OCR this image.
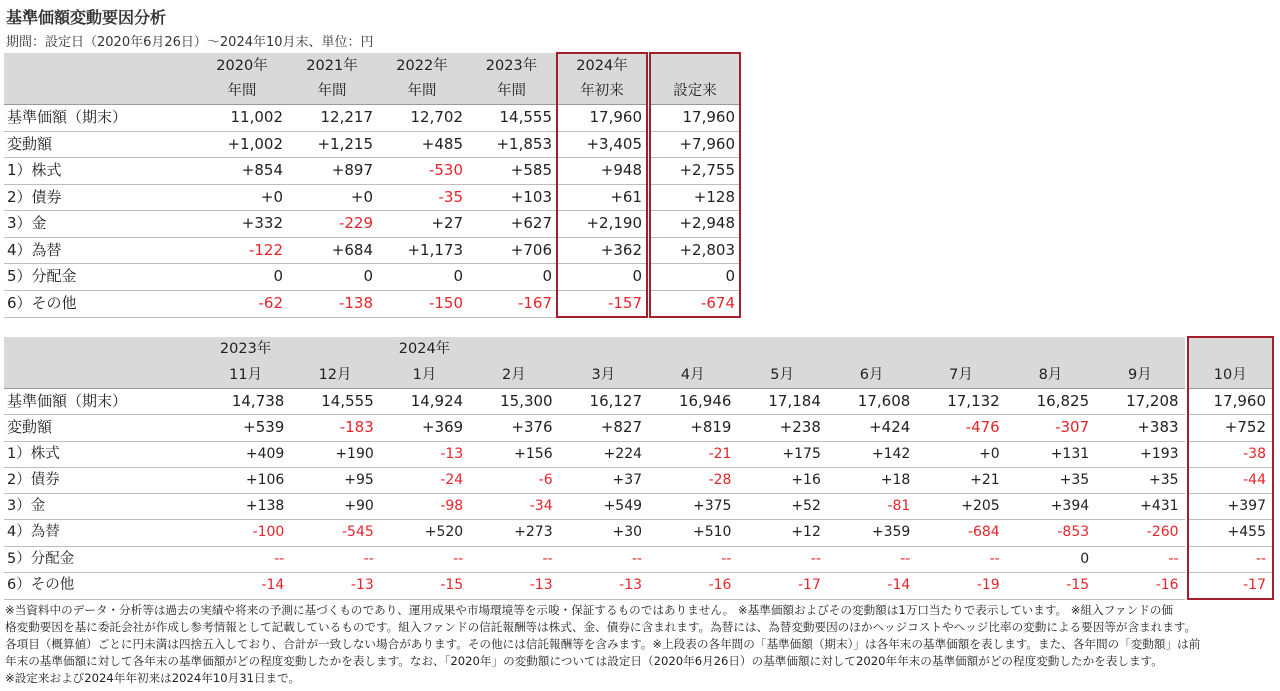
基準価額変動要因分析
期間：設定日（2020年6月26日）～2024年10月末、単位：円
	2020年	2021年	2022年	2023年	2024年		
	年間	年間	年間	年間	年初来		設定来
基準価額（期末）	11,002	12,217	12,702	14,555	17,960		17,960
変動額	+1,002	+1,215	+485	+1,853	+3,405		+7,960
1）株式	+854	+897	-530	+585	+948		+2,755
2）債券	+0	+0	-35	+103	+61		+128
3）金	+332	-229	+27	+627	+2,190		+2,948
4）為替	-122	+684	+1,173	+706	+362		+2,803
5）分配金	0	0	0	0	0		0
6）その他	-62	-138	-150	-167	-157		-674
	2023年		2024年										
	11月	12月	1月	2月	3月	4月	5月	6月	7月	8月	9月		10月
基準価額（期末）	14,738	14,555	14,924	15,300	16,127	16,946	17,184	17,608	17,132	16,825	17,208		17,960
変動額	+539	-183	+369	+376	+827	+819	+238	+424	-476	-307	+383		+752
1）株式	+409	+190	-13	+156	+224	-21	+175	+142	+0	+131	+193		-38
2）債券	+106	+95	-24	-6	+37	-28	+16	+18	+21	+35	+35		-44
3）金	+138	+90	-98	-34	+549	+375	+52	-81	+205	+394	+431		+397
4）為替	-100	-545	+520	+273	+30	+510	+12	+359	-684	-853	-260		+455
5）分配金	--	--	--	--	--	--	--	--	--	0	--		--
6）その他	-14	-13	-15	-13	-13	-16	-17	-14	-19	-15	-16		-17

※当資料中のデータ・分析等は過去の実績や将来の予測に基づくものであり、運用成果や市場環境等を示唆・保証するものではありません。 ※基準価額およびその変動額は1万口当たりで表示しています。 ※組入ファンドの価

格変動要因を基に委託会社が作成し参考情報として記載しているものです。組入ファンドの信託報酬等は株式、金、債券に含まれます。為替には、為替変動要因のほかヘッジコストやヘッジ比率の変動による要因等が含まれます。

各項目（概算値）ごとに円未満は四捨五入しており、合計が一致しない場合があります。その他には信託報酬等を含みます。※上段表の各年間の「基準価額（期末）」は各年末の基準価額を表します。また、各年間の「変動額」は前

年末の基準価額に対して各年末の基準価額がどの程度変動したかを表します。なお、「2020年」の変動額については設定日（2020年6月26日）の基準価額に対して2020年年末の基準価額がどの程度変動したかを表します。

※設定来および2024年年初来は2024年10月31日まで。
